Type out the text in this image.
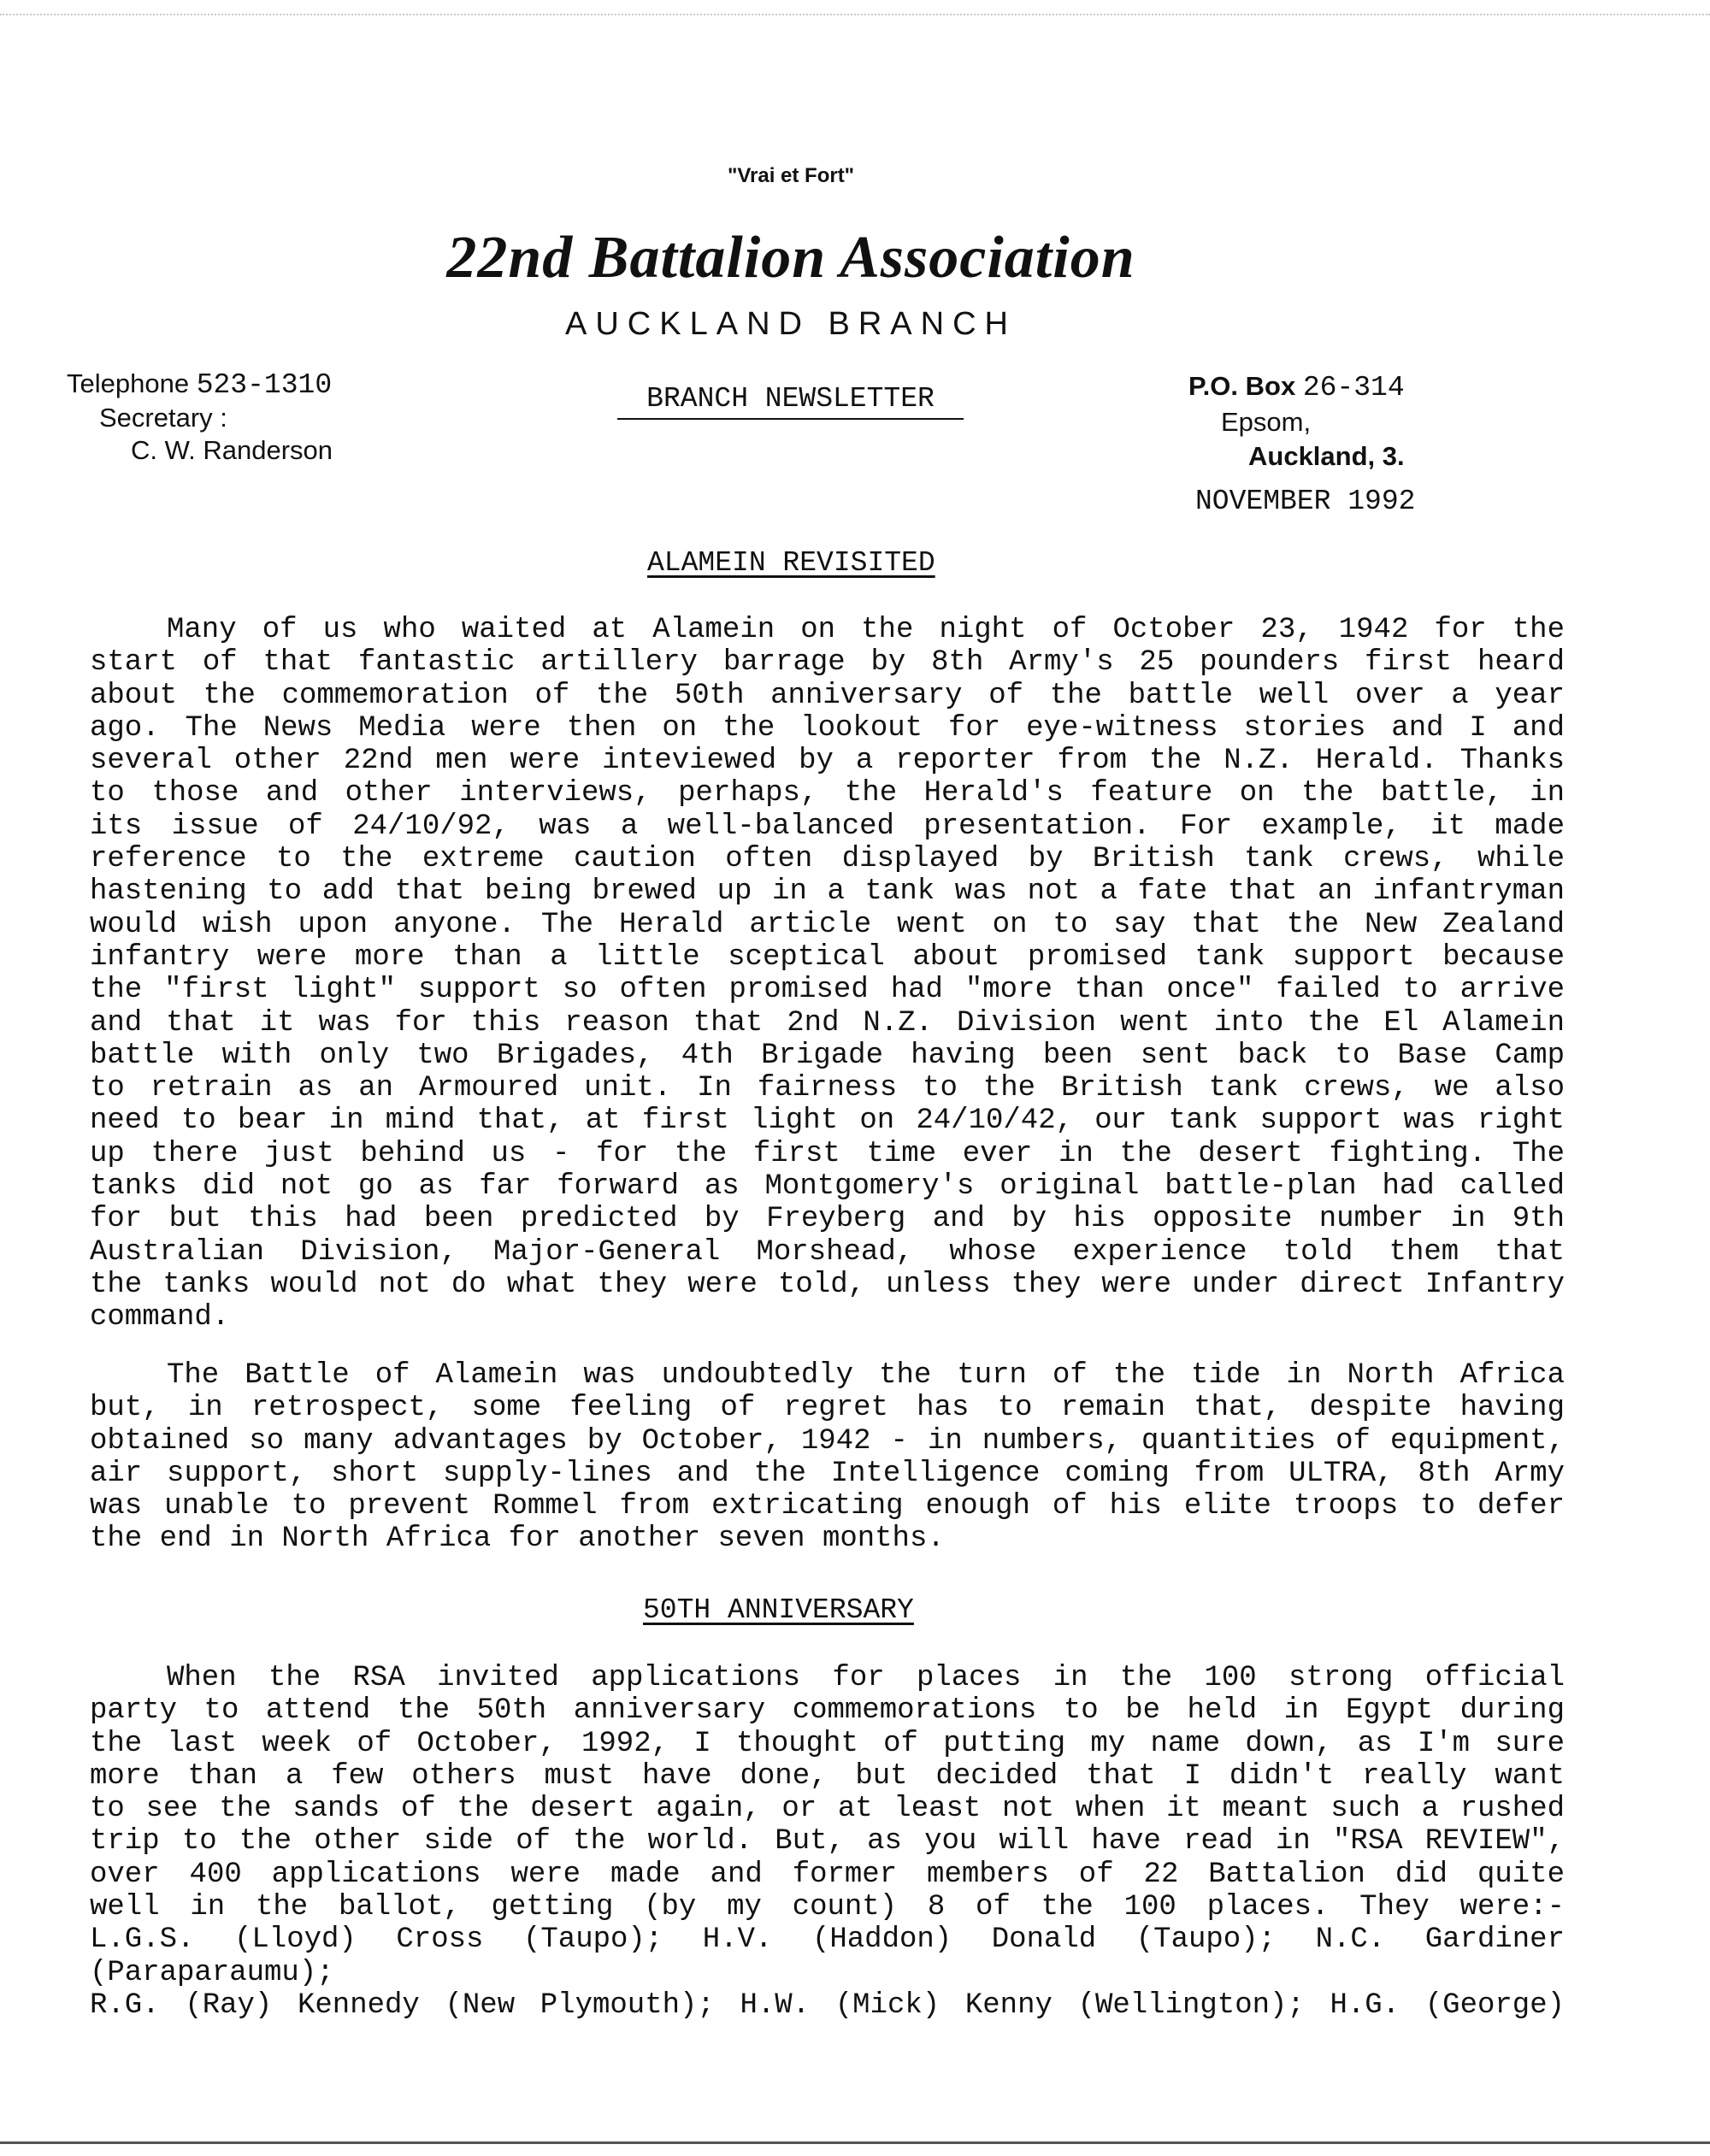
"Vrai et Fort"
22nd Battalion Association
AUCKLAND BRANCH
Telephone 523-1310
Secretary :
C. W. Randerson
BRANCH NEWSLETTER	P.O. Box 26-314
Epsom,
Auckland, 3.
NOVEMBER 1992
ALAMEIN REVISITED
Many of us who waited at Alamein on the night of October 23, 1942 for the
start of that fantastic artillery barrage by 8th Army's 25 pounders first heard
about the commemoration of the 50th anniversary of the battle well over a year
ago. The News Media were then on the lookout for eye-witness stories and I and
several other 22nd men were inteviewed by a reporter from the N.Z. Herald. Thanks
to those and other interviews, perhaps, the Herald's feature on the battle, in
its issue of 24/10/92, was a well-balanced presentation. For example, it made
reference to the extreme caution often displayed by British tank crews, while
hastening to add that being brewed up in a tank was not a fate that an infantryman
would wish upon anyone. The Herald article went on to say that the New Zealand
infantry were more than a little sceptical about promised tank support because
the "first light" support so often promised had "more than once" failed to arrive
and that it was for this reason that 2nd N.Z. Division went into the El Alamein
battle with only two Brigades, 4th Brigade having been sent back to Base Camp
to retrain as an Armoured unit. In fairness to the British tank crews, we also
need to bear in mind that, at first light on 24/10/42, our tank support was right
up there just behind us - for the first time ever in the desert fighting. The
tanks did not go as far forward as Montgomery's original battle-plan had called
for but this had been predicted by Freyberg and by his opposite number in 9th
Australian Division, Major-General Morshead, whose experience told them that
the tanks would not do what they were told, unless they were under direct Infantry
command.
The Battle of Alamein was undoubtedly the turn of the tide in North Africa
but, in retrospect, some feeling of regret has to remain that, despite having
obtained so many advantages by October, 1942 - in numbers, quantities of equipment,
air support, short supply-lines and the Intelligence coming from ULTRA, 8th Army
was unable to prevent Rommel from extricating enough of his elite troops to defer
the end in North Africa for another seven months.
50TH ANNIVERSARY
When the RSA invited applications for places in the 100 strong official
party to attend the 50th anniversary commemorations to be held in Egypt during
the last week of October, 1992, I thought of putting my name down, as I'm sure
more than a few others must have done, but decided that I didn't really want
to see the sands of the desert again, or at least not when it meant such a rushed
trip to the other side of the world. But, as you will have read in "RSA REVIEW",
over 400 applications were made and former members of 22 Battalion did quite
well in the ballot, getting (by my count) 8 of the 100 places. They were:-
L.G.S. (Lloyd) Cross (Taupo); H.V. (Haddon) Donald (Taupo); N.C. Gardiner (Paraparaumu);
R.G. (Ray) Kennedy (New Plymouth); H.W. (Mick) Kenny (Wellington); H.G. (George)
